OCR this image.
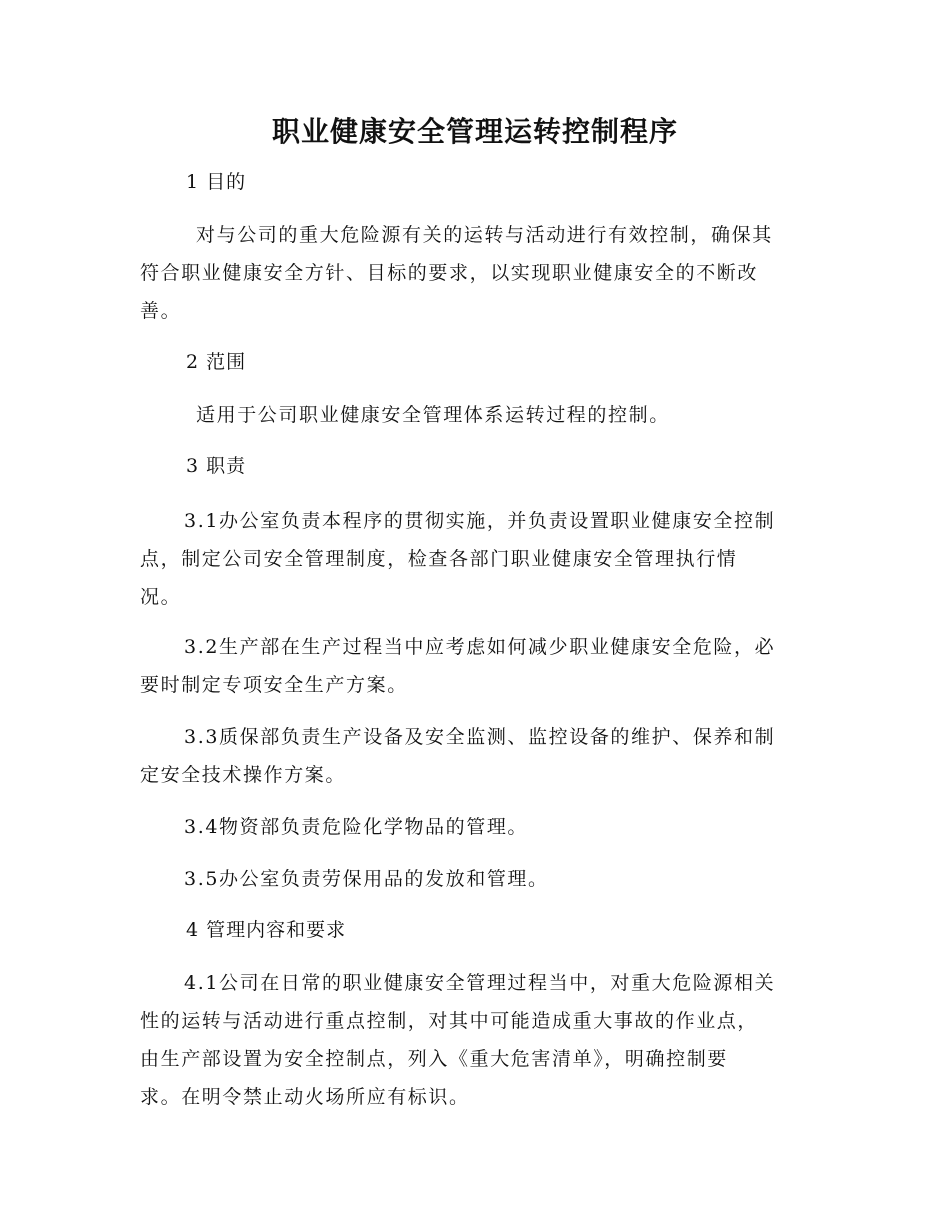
职业健康安全管理运转控制程序
1 目的
对与公司的重大危险源有关的运转与活动进行有效控制，确保其
符合职业健康安全方针、目标的要求，以实现职业健康安全的不断改
善。
2 范围
适用于公司职业健康安全管理体系运转过程的控制。
3 职责
3.1办公室负责本程序的贯彻实施，并负责设置职业健康安全控制
点，制定公司安全管理制度，检查各部门职业健康安全管理执行情
况。
3.2生产部在生产过程当中应考虑如何减少职业健康安全危险，必
要时制定专项安全生产方案。
3.3质保部负责生产设备及安全监测、监控设备的维护、保养和制
定安全技术操作方案。
3.4物资部负责危险化学物品的管理。
3.5办公室负责劳保用品的发放和管理。
4 管理内容和要求
4.1公司在日常的职业健康安全管理过程当中，对重大危险源相关
性的运转与活动进行重点控制，对其中可能造成重大事故的作业点，
由生产部设置为安全控制点，列入《重大危害清单》，明确控制要
求。在明令禁止动火场所应有标识。
